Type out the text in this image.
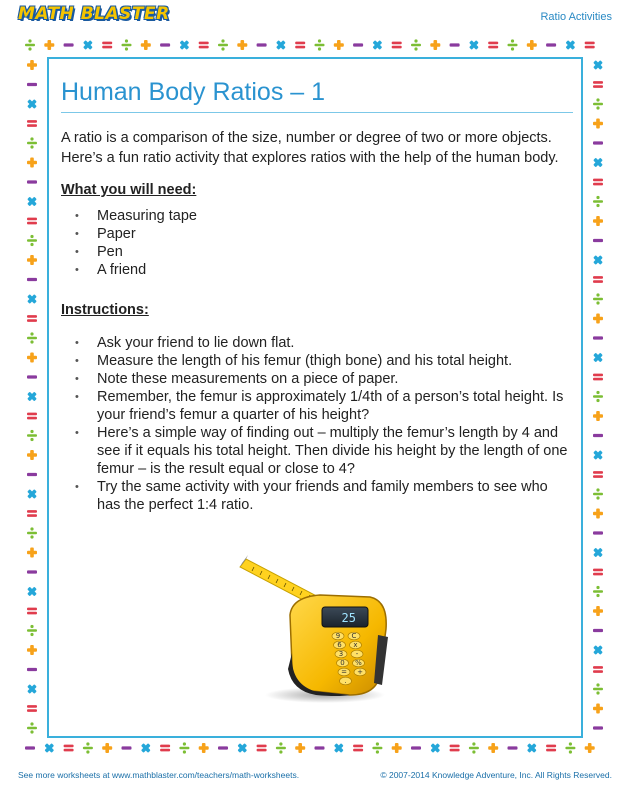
MATH BLASTER	Ratio Activities
Human Body Ratios – 1

A ratio is a comparison of the size, number or degree of two or more objects. Here’s a fun ratio activity that explores ratios with the help of the human body.

What you will need:

• Measuring tape
• Paper
• Pen
• A friend

Instructions:

• Ask your friend to lie down flat.
• Measure the length of his femur (thigh bone) and his total height.
• Note these measurements on a piece of paper.
• Remember, the femur is approximately 1/4th of a person’s total height. Is your friend’s femur a quarter of his height?
• Here’s a simple way of finding out – multiply the femur’s length by 4 and see if it equals his total height. Then divide his height by the length of one femur – is the result equal or close to 4?
• Try the same activity with your friends and family members to see who has the perfect 1:4 ratio.
25
9 C
6 x
3 -
0 %
= +
.
See more worksheets at www.mathblaster.com/teachers/math-worksheets.	© 2007-2014 Knowledge Adventure, Inc. All Rights Reserved.
